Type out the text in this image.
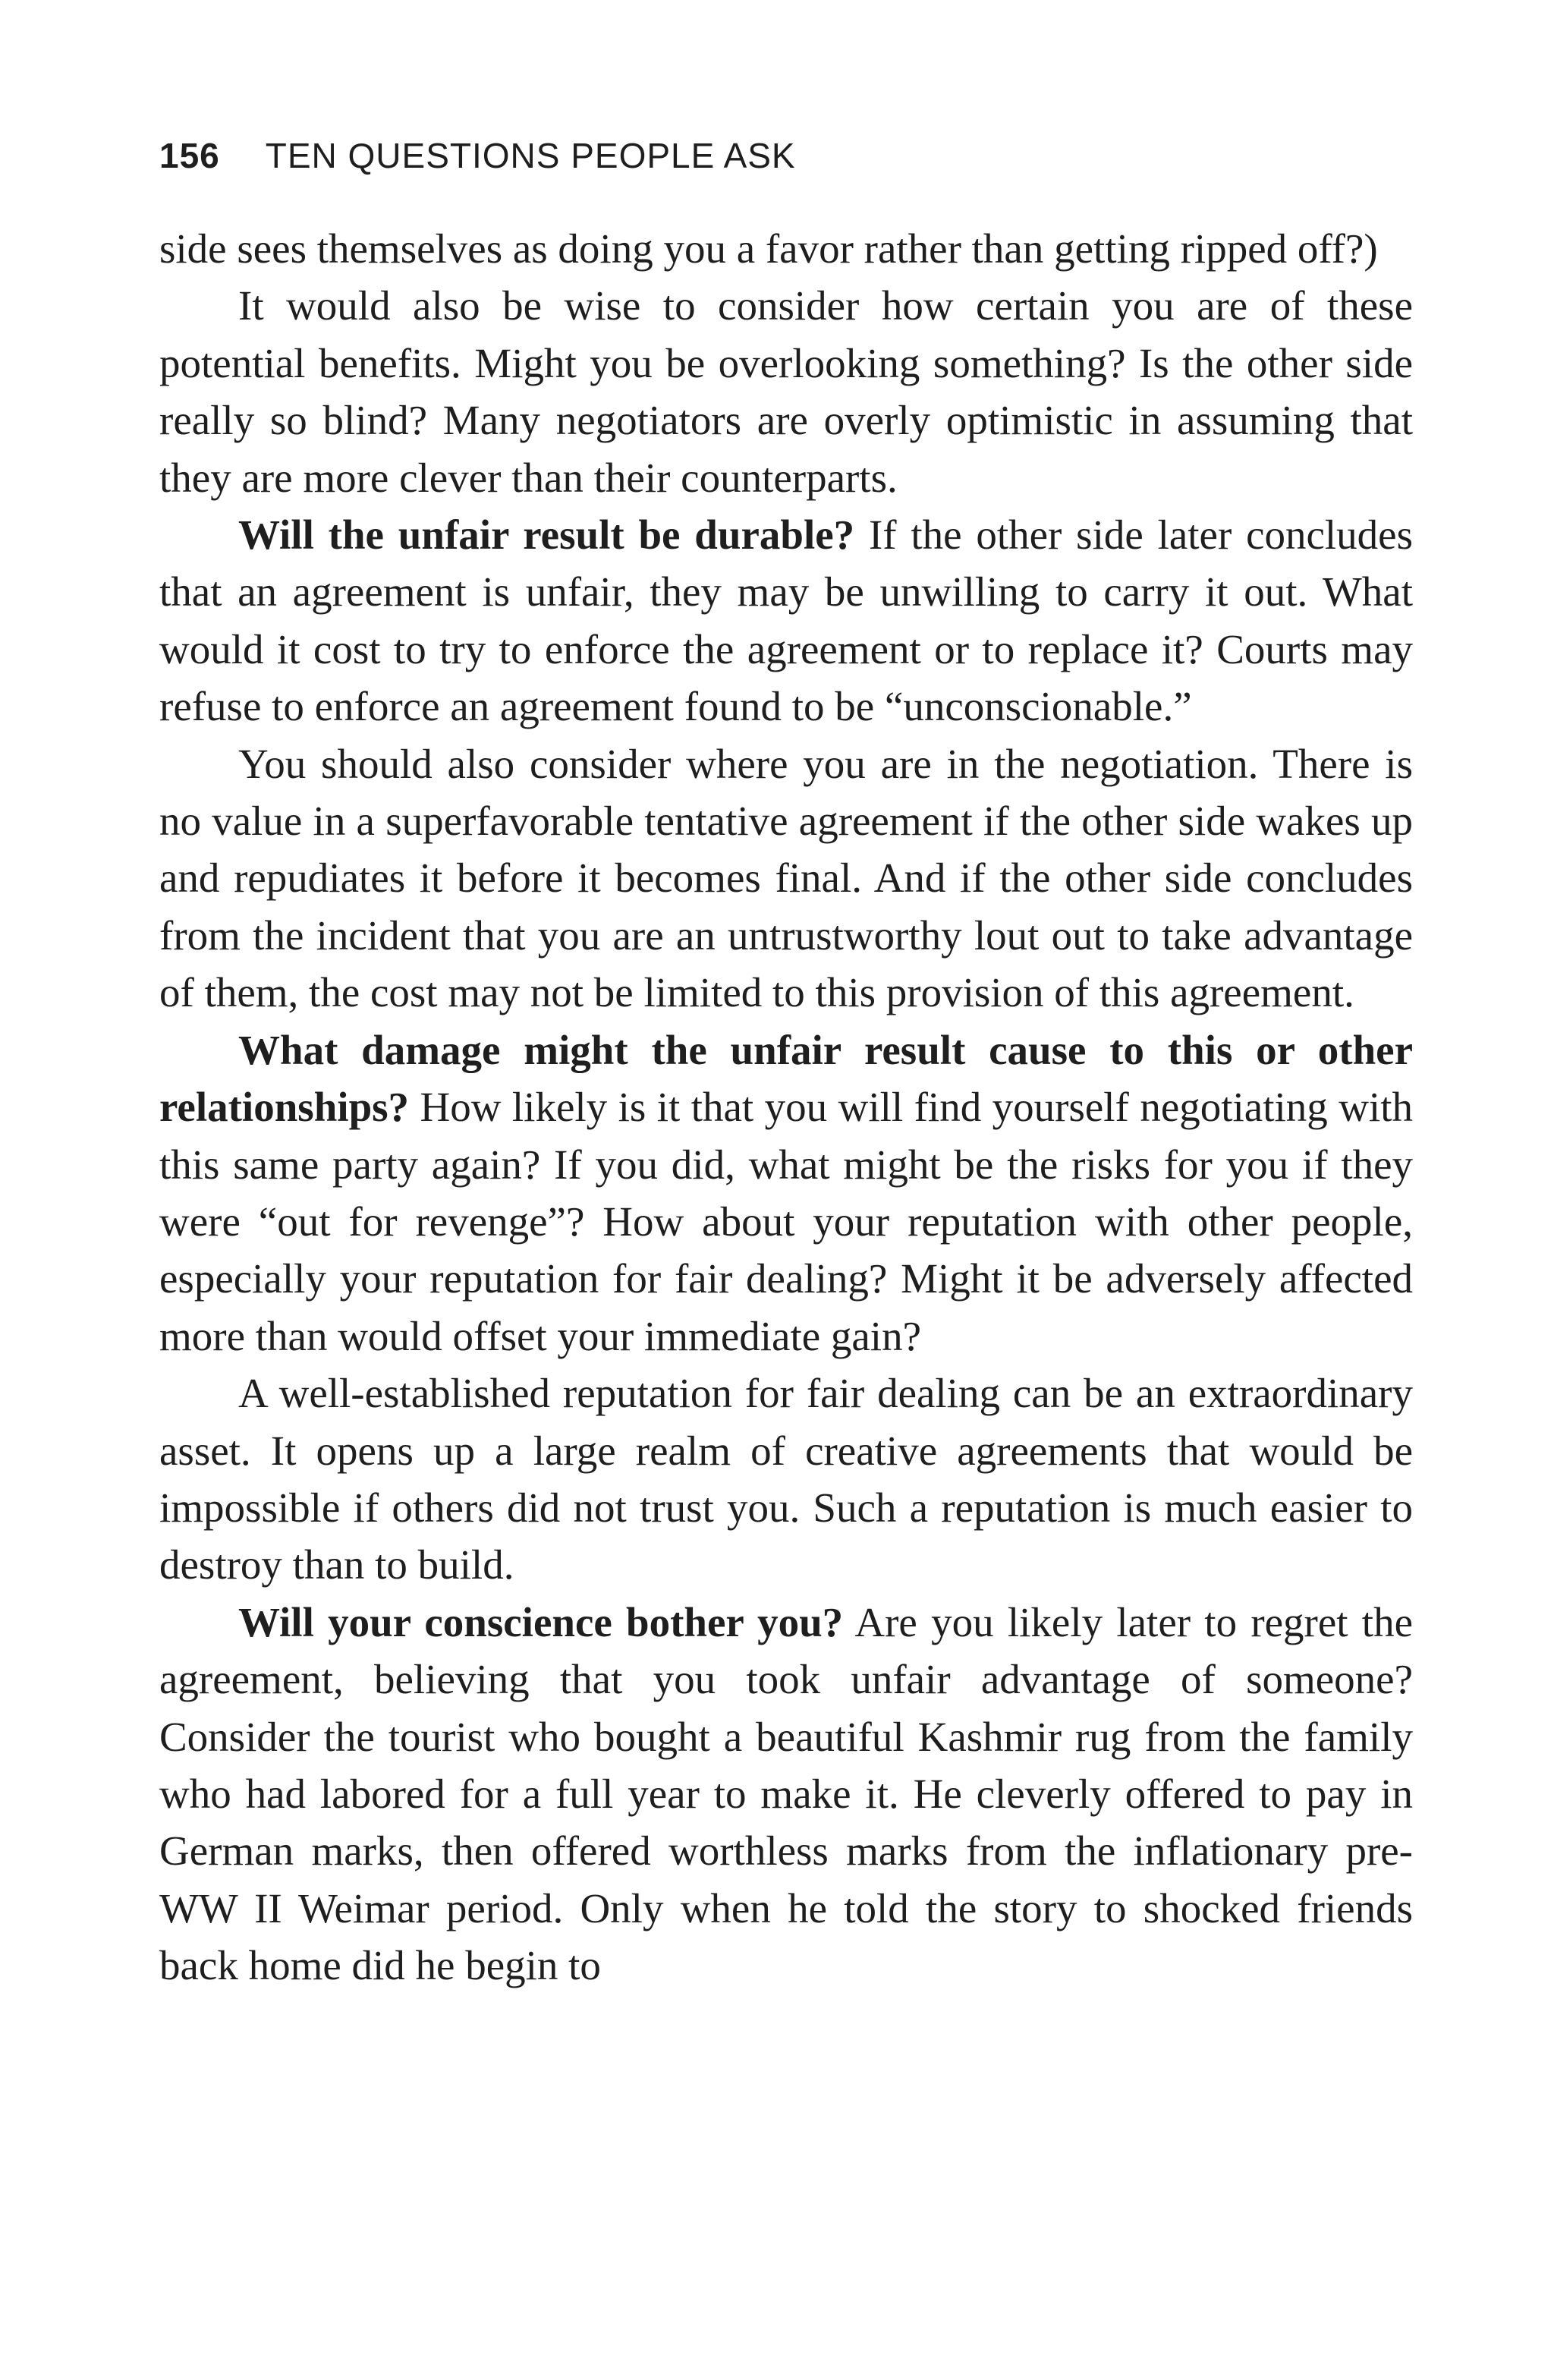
156 TEN QUESTIONS PEOPLE ASK

side sees themselves as doing you a favor rather than getting ripped off?)

It would also be wise to consider how certain you are of these potential benefits. Might you be overlooking something? Is the other side really so blind? Many negotiators are overly optimistic in assuming that they are more clever than their counterparts.

Will the unfair result be durable? If the other side later concludes that an agreement is unfair, they may be unwilling to carry it out. What would it cost to try to enforce the agreement or to replace it? Courts may refuse to enforce an agreement found to be “unconscionable.”

You should also consider where you are in the negotiation. There is no value in a superfavorable tentative agreement if the other side wakes up and repudiates it before it becomes final. And if the other side concludes from the incident that you are an untrustworthy lout out to take advantage of them, the cost may not be limited to this provision of this agreement.

What damage might the unfair result cause to this or other relationships? How likely is it that you will find yourself negotiating with this same party again? If you did, what might be the risks for you if they were “out for revenge”? How about your reputation with other people, especially your reputation for fair dealing? Might it be adversely affected more than would offset your immediate gain?

A well-established reputation for fair dealing can be an extraordinary asset. It opens up a large realm of creative agreements that would be impossible if others did not trust you. Such a reputation is much easier to destroy than to build.

Will your conscience bother you? Are you likely later to regret the agreement, believing that you took unfair advantage of someone? Consider the tourist who bought a beautiful Kashmir rug from the family who had labored for a full year to make it. He cleverly offered to pay in German marks, then offered worthless marks from the inflationary pre-WW II Weimar period. Only when he told the story to shocked friends back home did he begin to
